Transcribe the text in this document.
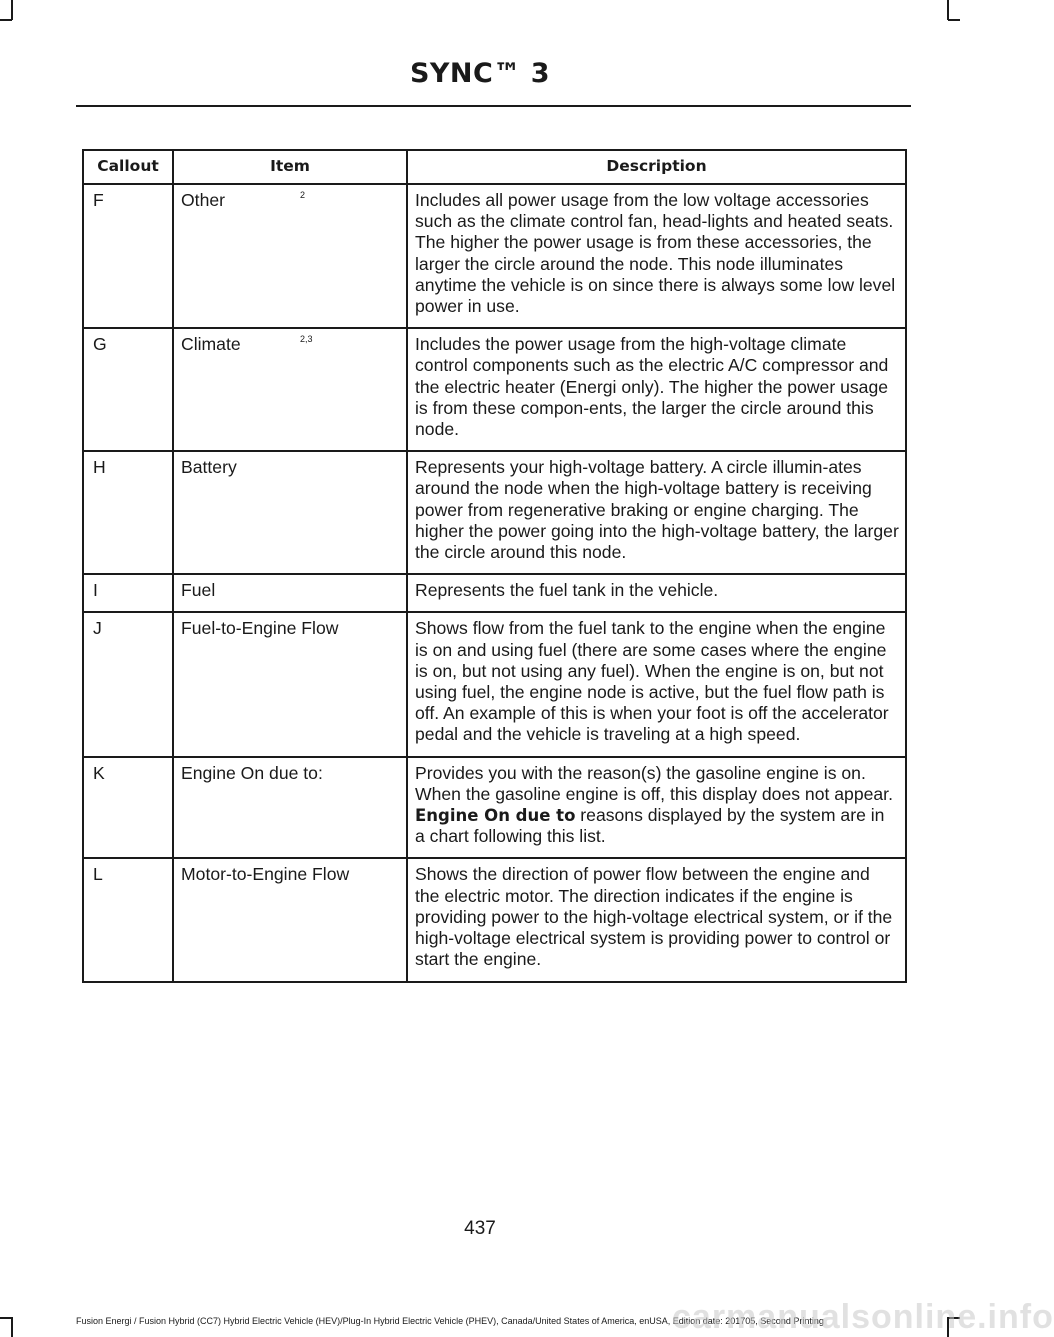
SYNC™ 3
Callout	Item	Description
F	Other 2	Includes all power usage from the low voltage accessories such as the climate control fan, head-lights and heated seats. The higher the power usage is from these accessories, the larger the circle around the node. This node illuminates anytime the vehicle is on since there is always some low level power in use.
G	Climate 2,3	Includes the power usage from the high-voltage climate control components such as the electric A/C compressor and the electric heater (Energi only). The higher the power usage is from these compon-ents, the larger the circle around this node.
H	Battery	Represents your high-voltage battery. A circle illumin-ates around the node when the high-voltage battery is receiving power from regenerative braking or engine charging. The higher the power going into the high-voltage battery, the larger the circle around this node.
I	Fuel	Represents the fuel tank in the vehicle.
J	Fuel-to-Engine Flow	Shows flow from the fuel tank to the engine when the engine is on and using fuel (there are some cases where the engine is on, but not using any fuel). When the engine is on, but not using fuel, the engine node is active, but the fuel flow path is off. An example of this is when your foot is off the accelerator pedal and the vehicle is traveling at a high speed.
K	Engine On due to:	Provides you with the reason(s) the gasoline engine is on. When the gasoline engine is off, this display does not appear. Engine On due to reasons displayed by the system are in a chart following this list.
L	Motor-to-Engine Flow	Shows the direction of power flow between the engine and the electric motor. The direction indicates if the engine is providing power to the high-voltage electrical system, or if the high-voltage electrical system is providing power to control or start the engine.
437
Fusion Energi / Fusion Hybrid (CC7) Hybrid Electric Vehicle (HEV)/Plug-In Hybrid Electric Vehicle (PHEV), Canada/United States of America, enUSA, Edition date: 201705, Second Printing
carmanualsonline.info
